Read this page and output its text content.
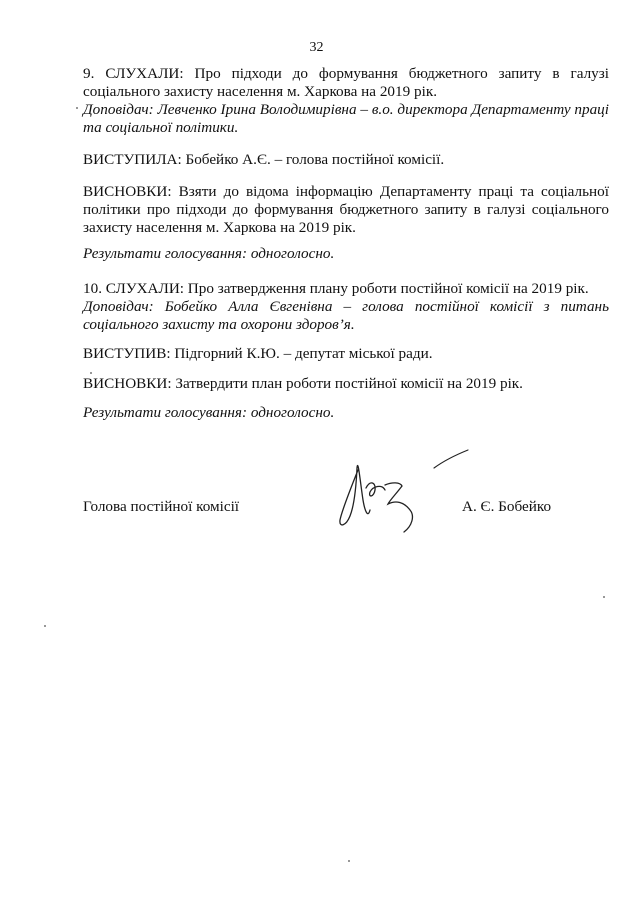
32

9. СЛУХАЛИ: Про підходи до формування бюджетного запиту в галузі соціального захисту населення м. Харкова на 2019 рік.

Доповідач: Левченко Ірина Володимирівна – в.о. директора Департаменту праці та соціальної політики.

ВИСТУПИЛА: Бобейко А.Є. – голова постійної комісії.

ВИСНОВКИ: Взяти до відома інформацію Департаменту праці та соціальної політики про підходи до формування бюджетного запиту в галузі соціального захисту населення м. Харкова на 2019 рік.

Результати голосування: одноголосно.

10. СЛУХАЛИ: Про затвердження плану роботи постійної комісії на 2019 рік.

Доповідач: Бобейко Алла Євгенівна – голова постійної комісії з питань соціального захисту та охорони здоров’я.

ВИСТУПИВ: Підгорний К.Ю. – депутат міської ради.

ВИСНОВКИ: Затвердити план роботи постійної комісії на 2019 рік.

Результати голосування: одноголосно.

Голова постійної комісії	А. Є. Бобейко
